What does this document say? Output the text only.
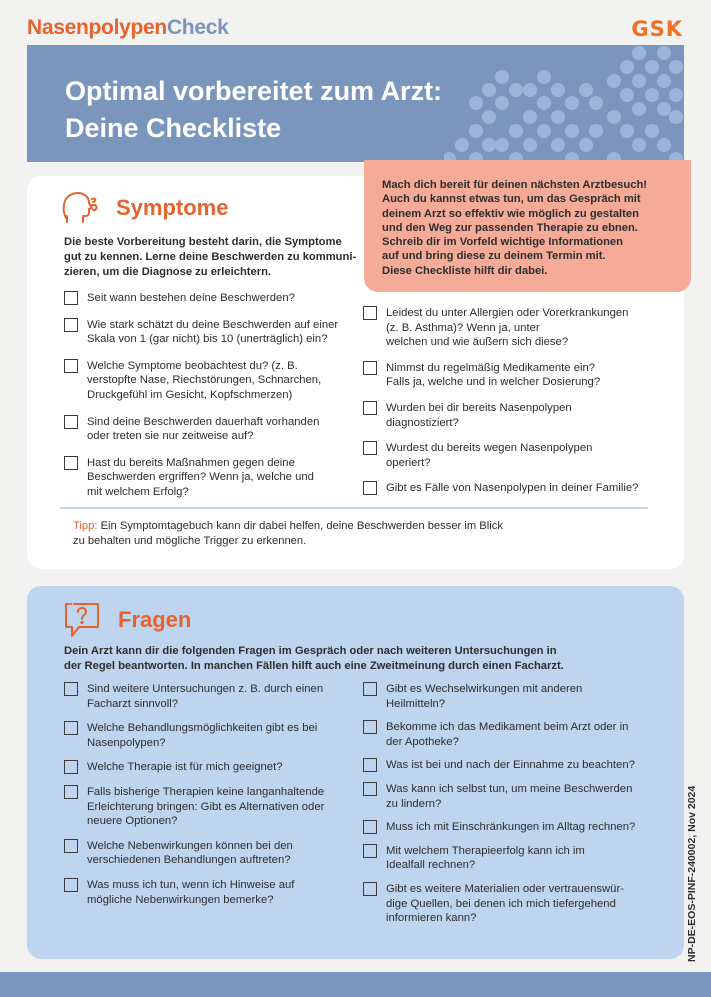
NasenpolypenCheck	GSK
Optimal vorbereitet zum Arzt:
Deine Checkliste
Mach dich bereit für deinen nächsten Arztbesuch!
Auch du kannst etwas tun, um das Gespräch mit
deinem Arzt so effektiv wie möglich zu gestalten
und den Weg zur passenden Therapie zu ebnen.
Schreib dir im Vorfeld wichtige Informationen
auf und bring diese zu deinem Termin mit.
Diese Checkliste hilft dir dabei.
Symptome
Die beste Vorbereitung besteht darin, die Symptome
gut zu kennen. Lerne deine Beschwerden zu kommuni-
zieren, um die Diagnose zu erleichtern.
Seit wann bestehen deine Beschwerden?
Wie stark schätzt du deine Beschwerden auf einer
Skala von 1 (gar nicht) bis 10 (unerträglich) ein?
Welche Symptome beobachtest du? (z. B.
verstopfte Nase, Riechstörungen, Schnarchen,
Druckgefühl im Gesicht, Kopfschmerzen)
Sind deine Beschwerden dauerhaft vorhanden
oder treten sie nur zeitweise auf?
Hast du bereits Maßnahmen gegen deine
Beschwerden ergriffen? Wenn ja, welche und
mit welchem Erfolg?
Leidest du unter Allergien oder Vorerkrankungen
(z. B. Asthma)? Wenn ja, unter
welchen und wie äußern sich diese?
Nimmst du regelmäßig Medikamente ein?
Falls ja, welche und in welcher Dosierung?
Wurden bei dir bereits Nasenpolypen
diagnostiziert?
Wurdest du bereits wegen Nasenpolypen
operiert?
Gibt es Fälle von Nasenpolypen in deiner Familie?
Tipp: Ein Symptomtagebuch kann dir dabei helfen, deine Beschwerden besser im Blick
zu behalten und mögliche Trigger zu erkennen.
Fragen
Dein Arzt kann dir die folgenden Fragen im Gespräch oder nach weiteren Untersuchungen in
der Regel beantworten. In manchen Fällen hilft auch eine Zweitmeinung durch einen Facharzt.
Sind weitere Untersuchungen z. B. durch einen
Facharzt sinnvoll?
Welche Behandlungsmöglichkeiten gibt es bei
Nasenpolypen?
Welche Therapie ist für mich geeignet?
Falls bisherige Therapien keine langanhaltende
Erleichterung bringen: Gibt es Alternativen oder
neuere Optionen?
Welche Nebenwirkungen können bei den
verschiedenen Behandlungen auftreten?
Was muss ich tun, wenn ich Hinweise auf
mögliche Nebenwirkungen bemerke?
Gibt es Wechselwirkungen mit anderen
Heilmitteln?
Bekomme ich das Medikament beim Arzt oder in
der Apotheke?
Was ist bei und nach der Einnahme zu beachten?
Was kann ich selbst tun, um meine Beschwerden
zu lindern?
Muss ich mit Einschränkungen im Alltag rechnen?
Mit welchem Therapieerfolg kann ich im
Idealfall rechnen?
Gibt es weitere Materialien oder vertrauenswür-
dige Quellen, bei denen ich mich tiefergehend
informieren kann?	NP-DE-EOS-PINF-240002, Nov 2024
